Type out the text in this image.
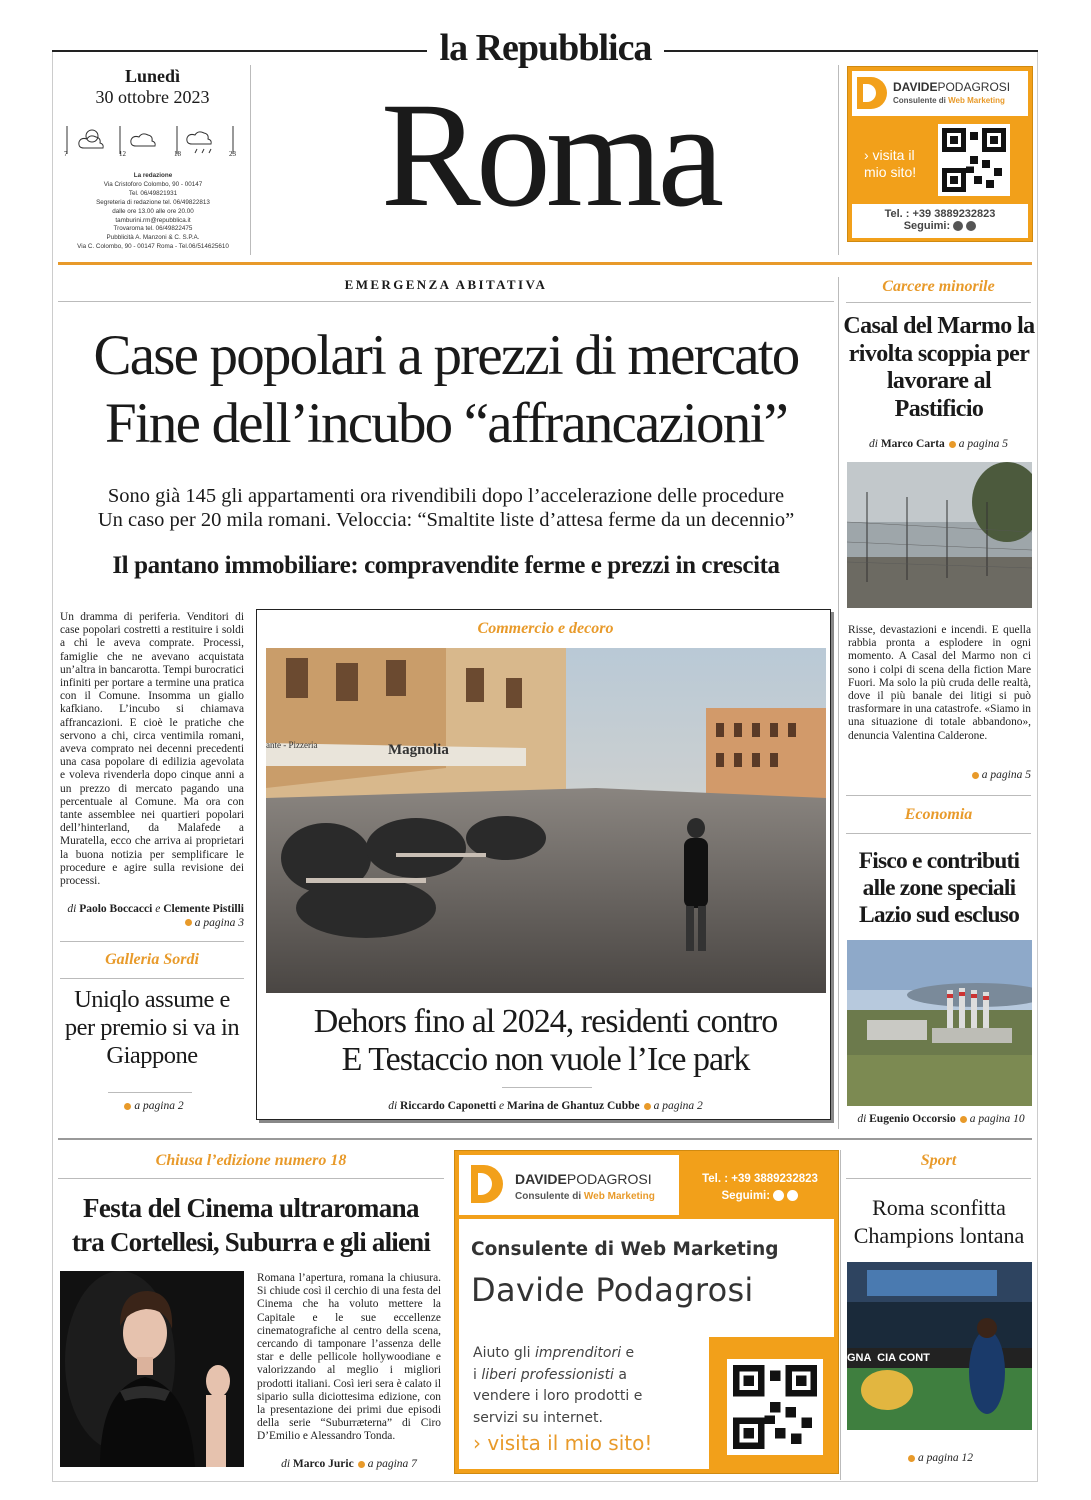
la Repubblica
Roma
Lunedì
30 ottobre 2023
7	12	18	23
La redazione
Via Cristoforo Colombo, 90 - 00147
Tel. 06/49821931
Segreteria di redazione tel. 06/49822813
dalle ore 13.00 alle ore 20.00
tamburini.rm@repubblica.it
Trovaroma tel. 06/49822475
Pubblicità A. Manzoni & C. S.P.A.
Via C. Colombo, 90 - 00147 Roma - Tel.06/514625610
DAVIDEPODAGROSI
Consulente di Web Marketing
› visita il mio sito!
Tel. : +39 3889232823
Seguimi:
EMERGENZA ABITATIVA
Case popolari a prezzi di mercato
Fine dell’incubo “affrancazioni”
Sono già 145 gli appartamenti ora rivendibili dopo l’accelerazione delle procedure
Un caso per 20 mila romani. Veloccia: “Smaltite liste d’attesa ferme da un decennio”
Il pantano immobiliare: compravendite ferme e prezzi in crescita
Un dramma di periferia. Venditori di case popolari costretti a restituire i soldi a chi le aveva comprate. Processi, famiglie che ne avevano acquistata un’altra in bancarotta. Tempi burocratici infiniti per portare a termine una pratica con il Comune. Insomma un giallo kafkiano. L’incubo si chiamava affrancazioni. E cioè le pratiche che servono a chi, circa ventimila romani, aveva comprato nei decenni precedenti una casa popolare di edilizia agevolata e voleva rivenderla dopo cinque anni a un prezzo di mercato pagando una percentuale al Comune. Ma ora con tante assemblee nei quartieri popolari dell’hinterland, da Malafede a Muratella, ecco che arriva ai proprietari la buona notizia per semplificare le procedure e agire sulla revisione dei processi.
di Paolo Boccacci e Clemente Pistillia pagina 3
Galleria Sordi
Uniqlo assume e per premio si va in Giappone
a pagina 2
Commercio e decoro
ante - Pizzeria	Magnolia
Dehors fino al 2024, residenti contro
E Testaccio non vuole l’Ice park
di Riccardo Caponetti e Marina de Ghantuz Cubbe a pagina 2
Carcere minorile
Casal del Marmo la rivolta scoppia per lavorare al Pastificio
di Marco Carta a pagina 5
Risse, devastazioni e incendi. E quella rabbia pronta a esplodere in ogni momento. A Casal del Marmo non ci sono i colpi di scena della fiction Mare Fuori. Ma solo la più cruda delle realtà, dove il più banale dei litigi si può trasformare in una catastrofe. «Siamo in una situazione di totale abbandono», denuncia Valentina Calderone.
a pagina 5
Economia
Fisco e contributi alle zone speciali Lazio sud escluso
di Eugenio Occorsio a pagina 10
Chiusa l’edizione numero 18
Festa del Cinema ultraromana
tra Cortellesi, Suburra e gli alieni
Romana l’apertura, romana la chiusura. Si chiude così il cerchio di una festa del Cinema che ha voluto mettere la Capitale e le sue eccellenze cinematografiche al centro della scena, cercando di tamponare l’assenza delle star e delle pellicole hollywoodiane e valorizzando al meglio i migliori prodotti italiani. Così ieri sera è calato il sipario sulla diciottesima edizione, con la presentazione dei primi due episodi della serie “Suburræterna” di Ciro D’Emilio e Alessandro Tonda.
di Marco Juric a pagina 7
DAVIDEPODAGROSI
Consulente di Web Marketing
Tel. : +39 3889232823
Seguimi:
Consulente di Web Marketing
Davide Podagrosi
Aiuto gli imprenditori e
i liberi professionisti a
vendere i loro prodotti e
servizi su internet.
› visita il mio sito!
Sport
Roma sconfitta
Champions lontana
GNA  CIA CONT
a pagina 12
